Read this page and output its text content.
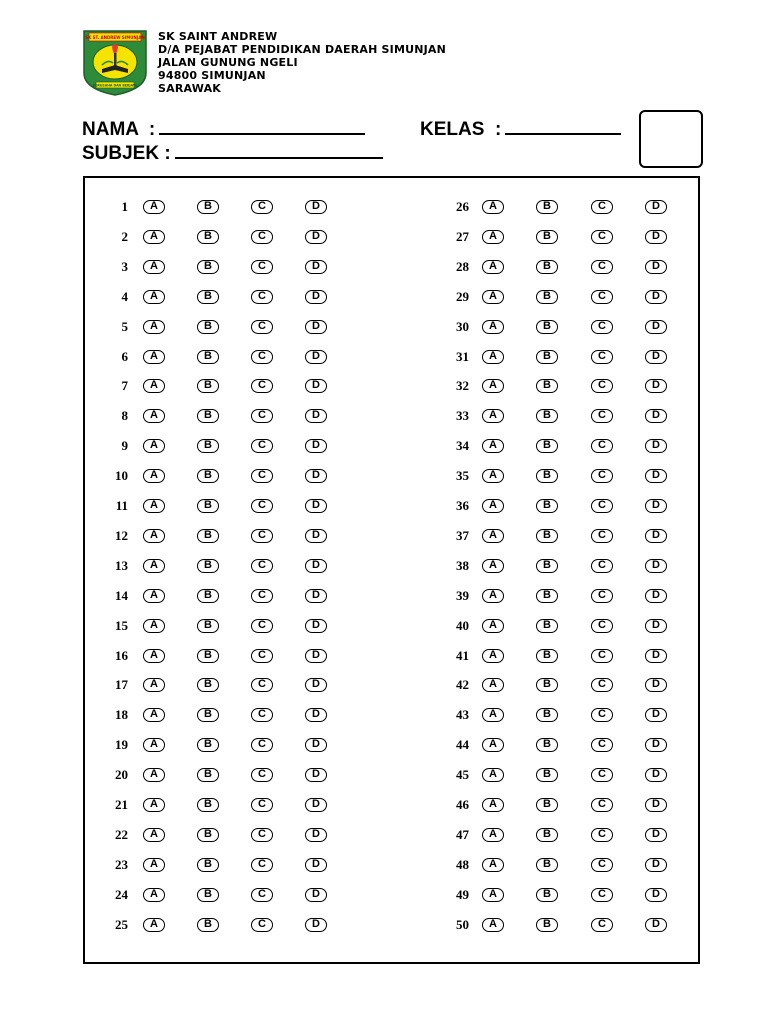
SK ST. ANDREW SIMUNJAN
BERUSAHA DAN BERJAYA
SK SAINT ANDREW
D/A PEJABAT PENDIDIKAN DAERAH SIMUNJAN
JALAN GUNUNG NGELI
94800 SIMUNJAN
SARAWAK
NAMA  :	KELAS  :
SUBJEK :
1	A	B	C	D
2	A	B	C	D
3	A	B	C	D
4	A	B	C	D
5	A	B	C	D
6	A	B	C	D
7	A	B	C	D
8	A	B	C	D
9	A	B	C	D
10	A	B	C	D
11	A	B	C	D
12	A	B	C	D
13	A	B	C	D
14	A	B	C	D
15	A	B	C	D
16	A	B	C	D
17	A	B	C	D
18	A	B	C	D
19	A	B	C	D
20	A	B	C	D
21	A	B	C	D
22	A	B	C	D
23	A	B	C	D
24	A	B	C	D
25	A	B	C	D
26	A	B	C	D
27	A	B	C	D
28	A	B	C	D
29	A	B	C	D
30	A	B	C	D
31	A	B	C	D
32	A	B	C	D
33	A	B	C	D
34	A	B	C	D
35	A	B	C	D
36	A	B	C	D
37	A	B	C	D
38	A	B	C	D
39	A	B	C	D
40	A	B	C	D
41	A	B	C	D
42	A	B	C	D
43	A	B	C	D
44	A	B	C	D
45	A	B	C	D
46	A	B	C	D
47	A	B	C	D
48	A	B	C	D
49	A	B	C	D
50	A	B	C	D
